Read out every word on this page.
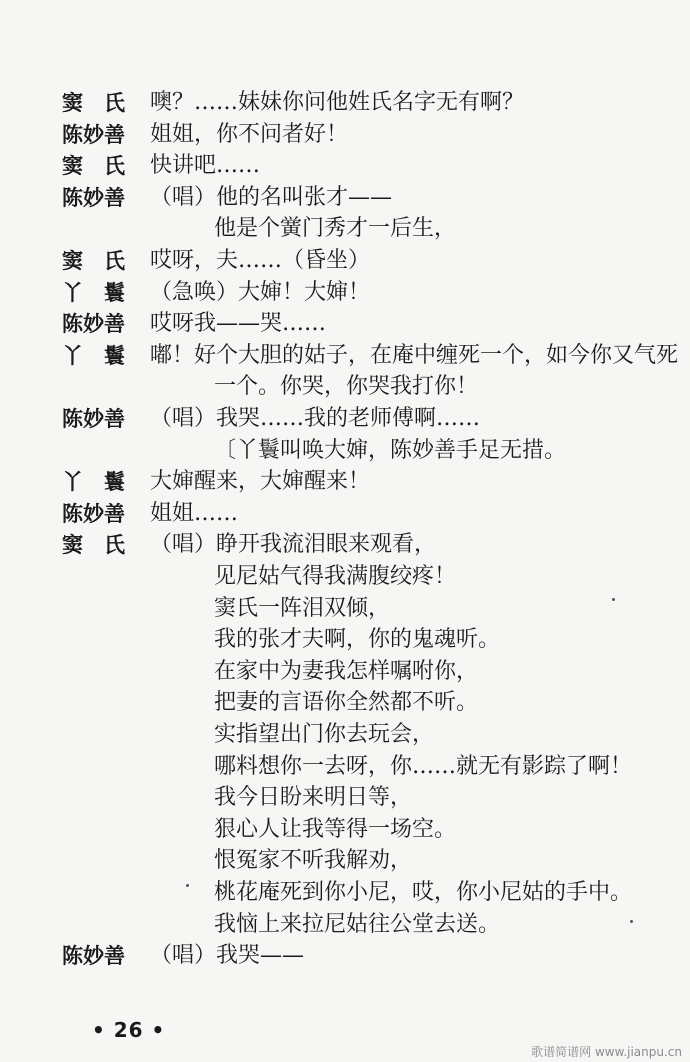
窦　氏	噢？……妹妹你问他姓氏名字无有啊？
陈妙善	姐姐，你不问者好！
窦　氏	快讲吧……
陈妙善	（唱）他的名叫张才——
他是个黉门秀才一后生，
窦　氏	哎呀，夫……（昏坐）
丫　鬟	（急唤）大婶！大婶！
陈妙善	哎呀我——哭……
丫　鬟	嘟！好个大胆的姑子，在庵中缠死一个，如今你又气死
一个。你哭，你哭我打你！
陈妙善	（唱）我哭……我的老师傅啊……
〔丫鬟叫唤大婶，陈妙善手足无措。
丫　鬟	大婶醒来，大婶醒来！
陈妙善	姐姐……
窦　氏	（唱）睁开我流泪眼来观看，
见尼姑气得我满腹绞疼！
窦氏一阵泪双倾，
我的张才夫啊，你的鬼魂听。
在家中为妻我怎样嘱咐你，
把妻的言语你全然都不听。
实指望出门你去玩会，
哪料想你一去呀，你……就无有影踪了啊！
我今日盼来明日等，
狠心人让我等得一场空。
恨冤家不听我解劝，
桃花庵死到你小尼，哎，你小尼姑的手中。
我恼上来拉尼姑往公堂去送。
陈妙善	（唱）我哭——
• 26 •
歌谱简谱网 www.jianpu.cn
